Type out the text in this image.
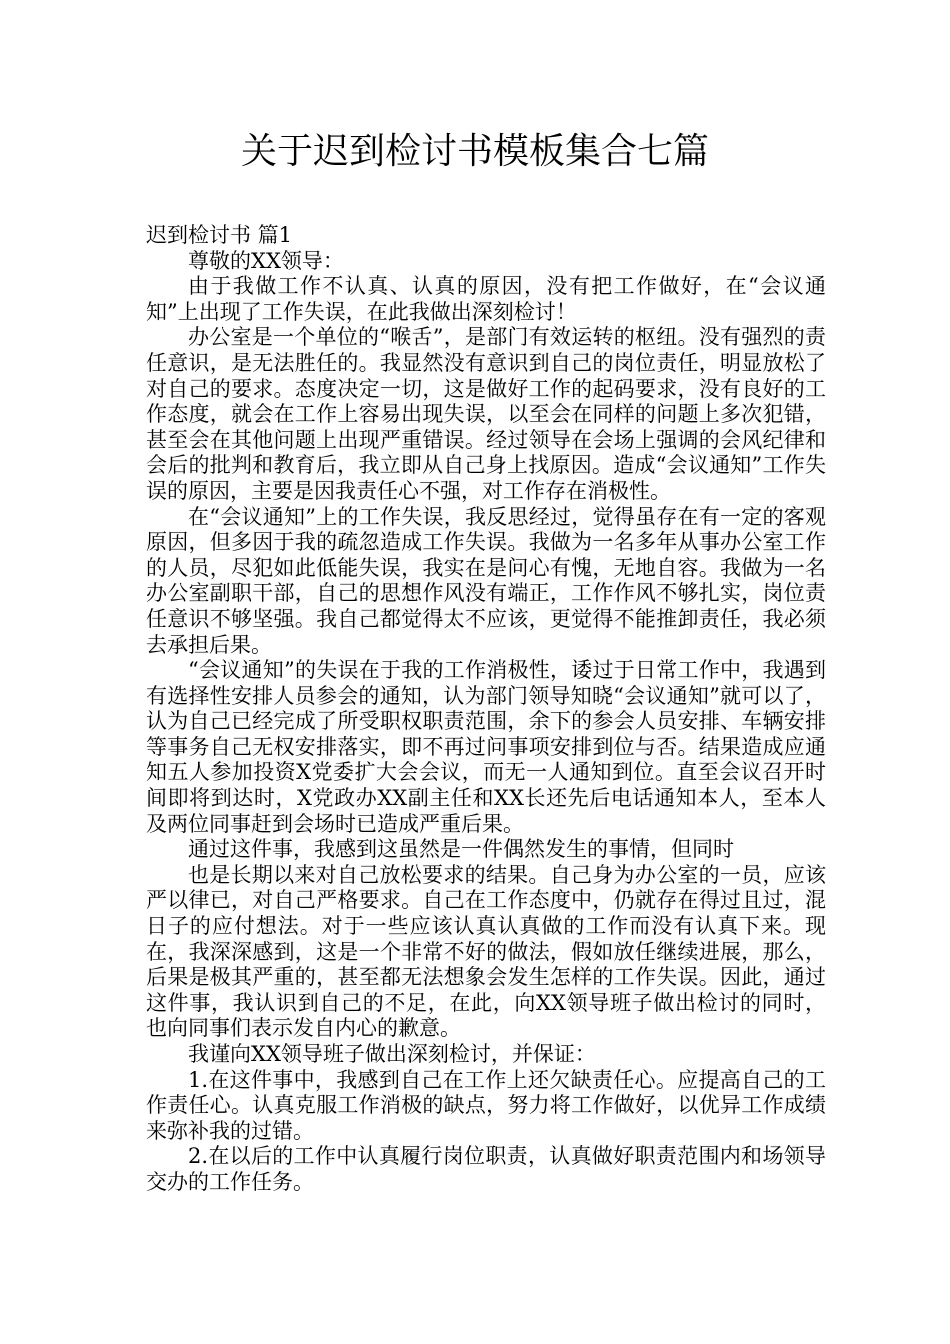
关于迟到检讨书模板集合七篇

迟到检讨书 篇1

尊敬的XX领导：

由于我做工作不认真、认真的原因，没有把工作做好，在“会议通知”上出现了工作失误，在此我做出深刻检讨！

办公室是一个单位的“喉舌”，是部门有效运转的枢纽。没有强烈的责任意识，是无法胜任的。我显然没有意识到自己的岗位责任，明显放松了对自己的要求。态度决定一切，这是做好工作的起码要求，没有良好的工作态度，就会在工作上容易出现失误，以至会在同样的问题上多次犯错，甚至会在其他问题上出现严重错误。经过领导在会场上强调的会风纪律和会后的批判和教育后，我立即从自己身上找原因。造成“会议通知”工作失误的原因，主要是因我责任心不强，对工作存在消极性。

在“会议通知”上的工作失误，我反思经过，觉得虽存在有一定的客观原因，但多因于我的疏忽造成工作失误。我做为一名多年从事办公室工作的人员，尽犯如此低能失误，我实在是问心有愧，无地自容。我做为一名办公室副职干部，自己的思想作风没有端正，工作作风不够扎实，岗位责任意识不够坚强。我自己都觉得太不应该，更觉得不能推卸责任，我必须去承担后果。

“会议通知”的失误在于我的工作消极性，诿过于日常工作中，我遇到有选择性安排人员参会的通知，认为部门领导知晓“会议通知”就可以了，认为自己已经完成了所受职权职责范围，余下的参会人员安排、车辆安排等事务自己无权安排落实，即不再过问事项安排到位与否。结果造成应通知五人参加投资X党委扩大会会议，而无一人通知到位。直至会议召开时间即将到达时，X党政办XX副主任和XX长还先后电话通知本人，至本人及两位同事赶到会场时已造成严重后果。

通过这件事，我感到这虽然是一件偶然发生的事情，但同时

也是长期以来对自己放松要求的结果。自己身为办公室的一员，应该严以律已，对自己严格要求。自己在工作态度中，仍就存在得过且过，混日子的应付想法。对于一些应该认真认真做的工作而没有认真下来。现在，我深深感到，这是一个非常不好的做法，假如放任继续进展，那么，后果是极其严重的，甚至都无法想象会发生怎样的工作失误。因此，通过这件事，我认识到自己的不足，在此，向XX领导班子做出检讨的同时，也向同事们表示发自内心的歉意。

我谨向XX领导班子做出深刻检讨，并保证：

1.在这件事中，我感到自己在工作上还欠缺责任心。应提高自己的工作责任心。认真克服工作消极的缺点，努力将工作做好，以优异工作成绩来弥补我的过错。

2.在以后的工作中认真履行岗位职责，认真做好职责范围内和场领导交办的工作任务。
